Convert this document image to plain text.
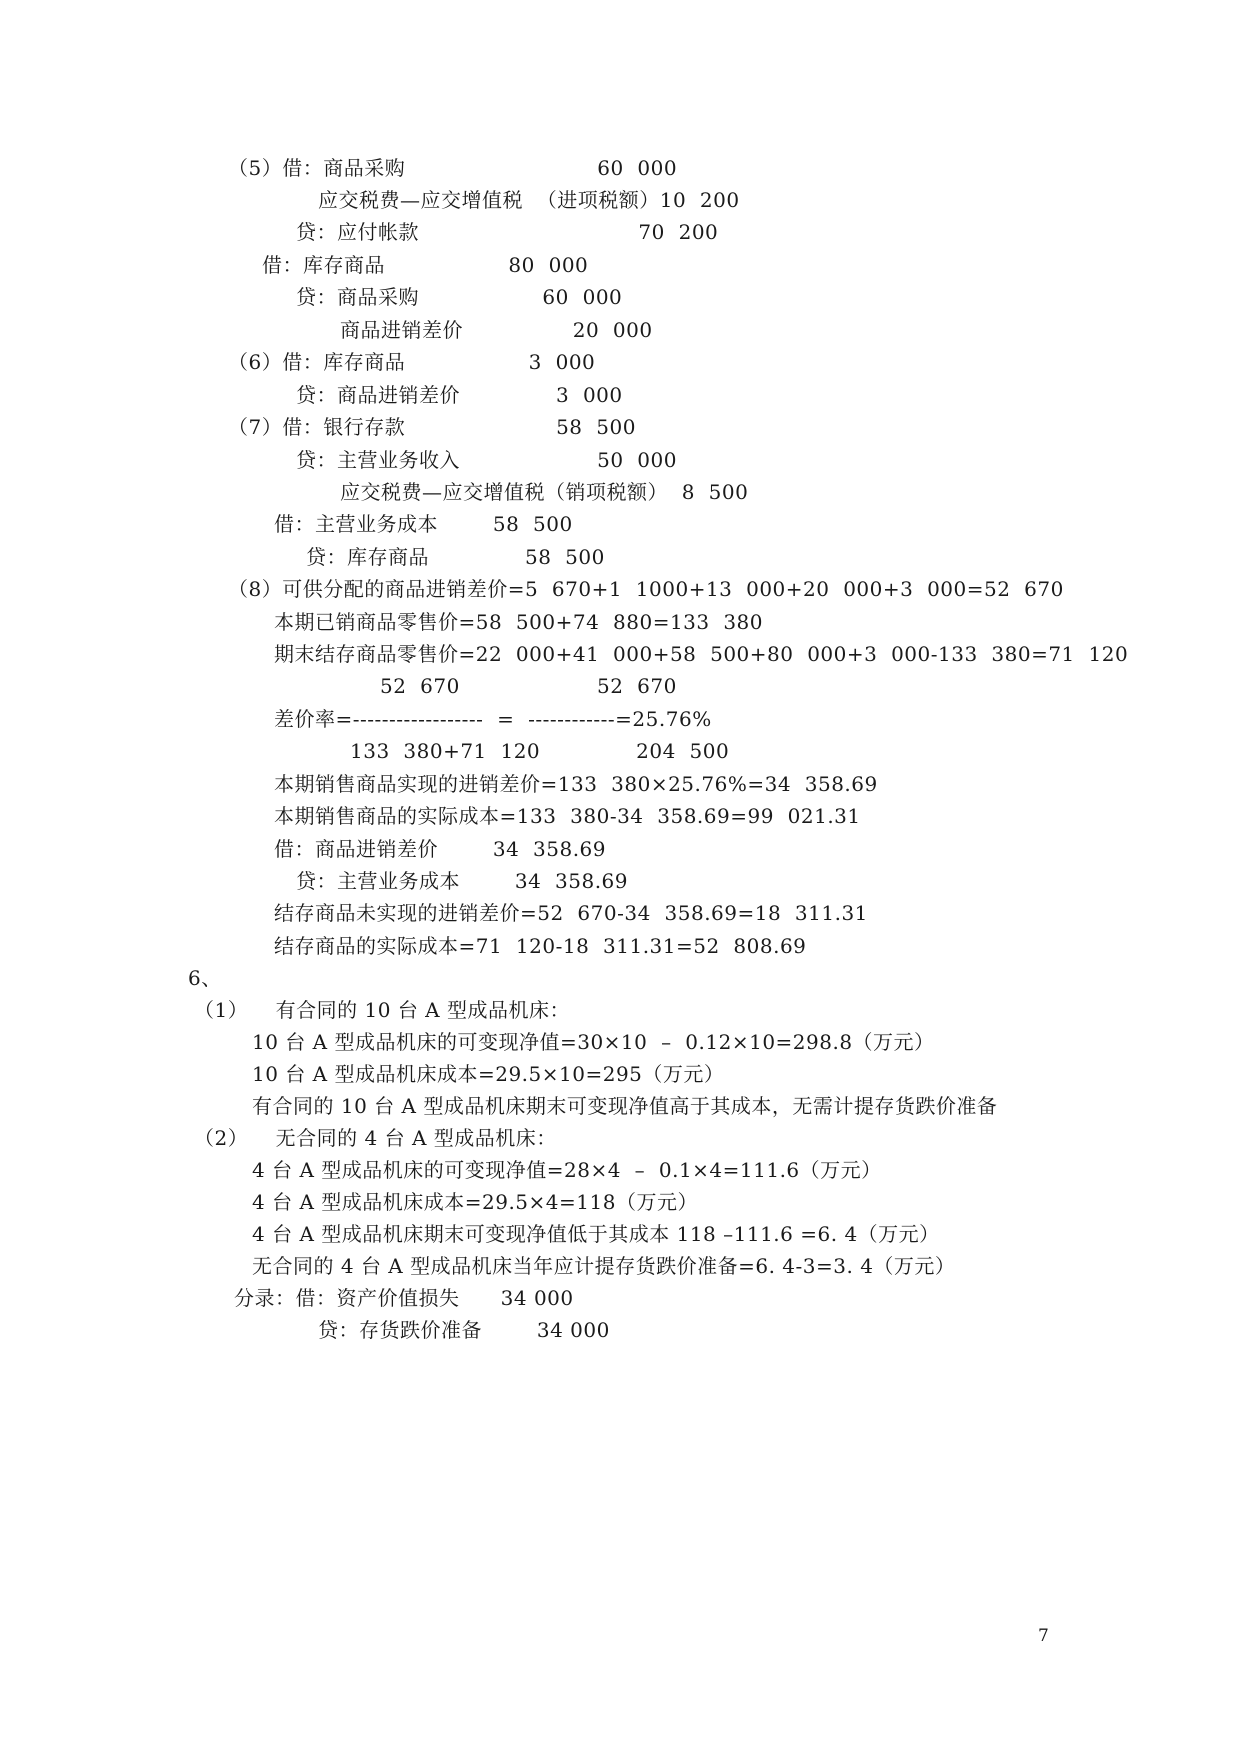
（5）借：商品采购                            60  000
应交税费—应交增值税  （进项税额）10  200
贷：应付帐款                                70  200
借：库存商品                  80  000
贷：商品采购                  60  000
商品进销差价                20  000
（6）借：库存商品                  3  000
贷：商品进销差价              3  000
（7）借：银行存款                      58  500
贷：主营业务收入                    50  000
应交税费—应交增值税（销项税额）  8  500
借：主营业务成本        58  500
贷：库存商品              58  500
（8）可供分配的商品进销差价=5  670+1  1000+13  000+20  000+3  000=52  670
本期已销商品零售价=58  500+74  880=133  380
期末结存商品零售价=22  000+41  000+58  500+80  000+3  000-133  380=71  120
52  670                    52  670
差价率=------------------  =  ------------=25.76%
133  380+71  120              204  500
本期销售商品实现的进销差价=133  380×25.76%=34  358.69
本期销售商品的实际成本=133  380-34  358.69=99  021.31
借：商品进销差价        34  358.69
贷：主营业务成本        34  358.69
结存商品未实现的进销差价=52  670-34  358.69=18  311.31
结存商品的实际成本=71  120-18  311.31=52  808.69
6、
（1）    有合同的 10 台 A 型成品机床：
10 台 A 型成品机床的可变现净值=30×10  –  0.12×10=298.8（万元）
10 台 A 型成品机床成本=29.5×10=295（万元）
有合同的 10 台 A 型成品机床期末可变现净值高于其成本，无需计提存货跌价准备
（2）    无合同的 4 台 A 型成品机床：
4 台 A 型成品机床的可变现净值=28×4  –  0.1×4=111.6（万元）
4 台 A 型成品机床成本=29.5×4=118（万元）
4 台 A 型成品机床期末可变现净值低于其成本 118 –111.6 =6. 4（万元）
无合同的 4 台 A 型成品机床当年应计提存货跌价准备=6. 4-3=3. 4（万元）
分录：借：资产价值损失      34 000
贷：存货跌价准备        34 000
7
